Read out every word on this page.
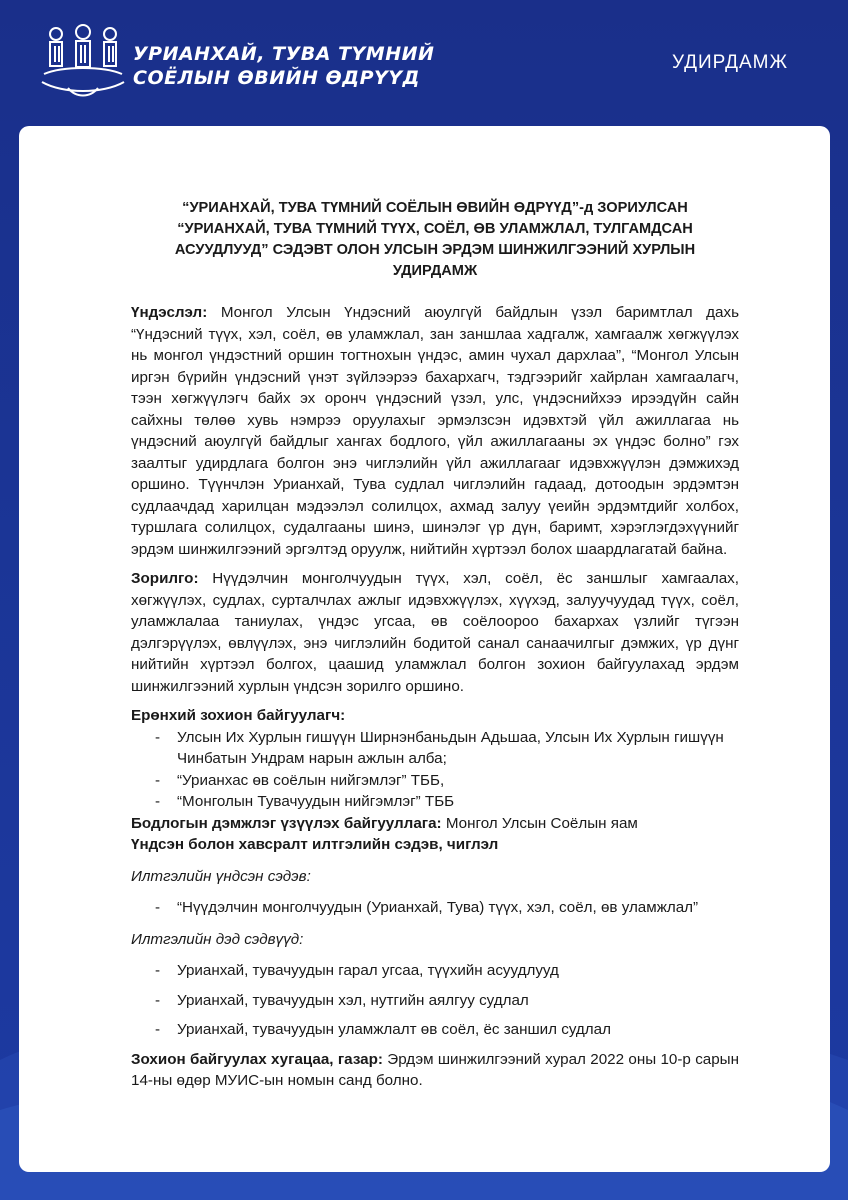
УРИАНХАЙ, ТУВА ТҮМНИЙ
СОЁЛЫН ӨВИЙН ӨДРҮҮД
УДИРДАМЖ
“УРИАНХАЙ, ТУВА ТҮМНИЙ СОЁЛЫН ӨВИЙН ӨДРҮҮД”-д ЗОРИУЛСАН
“УРИАНХАЙ, ТУВА ТҮМНИЙ ТҮҮХ, СОЁЛ, ӨВ УЛАМЖЛАЛ, ТУЛГАМДСАН
АСУУДЛУУД” СЭДЭВТ ОЛОН УЛСЫН ЭРДЭМ ШИНЖИЛГЭЭНИЙ ХУРЛЫН
УДИРДАМЖ

Үндэслэл: Монгол Улсын Үндэсний аюулгүй байдлын үзэл баримтлал дахь “Үндэсний түүх, хэл, соёл, өв уламжлал, зан заншлаа хадгалж, хамгаалж хөгжүүлэх нь монгол үндэстний оршин тогтнохын үндэс, амин чухал дархлаа”, “Монгол Улсын иргэн бүрийн үндэсний үнэт зүйлээрээ бахархагч, тэдгээрийг хайрлан хамгаалагч, тээн хөгжүүлэгч байх эх оронч үндэсний үзэл, улс, үндэснийхээ ирээдүйн сайн сайхны төлөө хувь нэмрээ оруулахыг эрмэлзсэн идэвхтэй үйл ажиллагаа нь үндэсний аюулгүй байдлыг хангах бодлого, үйл ажиллагааны эх үндэс болно” гэх заалтыг удирдлага болгон энэ чиглэлийн үйл ажиллагааг идэвхжүүлэн дэмжихэд оршино. Түүнчлэн Урианхай, Тува судлал чиглэлийн гадаад, дотоодын эрдэмтэн судлаачдад харилцан мэдээлэл солилцох, ахмад залуу үеийн эрдэмтдийг холбох, туршлага солилцох, судалгааны шинэ, шинэлэг үр дүн, баримт, хэрэглэгдэхүүнийг эрдэм шинжилгээний эргэлтэд оруулж, нийтийн хүртээл болох шаардлагатай байна.

Зорилго: Нүүдэлчин монголчуудын түүх, хэл, соёл, ёс заншлыг хамгаалах, хөгжүүлэх, судлах, сурталчлах ажлыг идэвхжүүлэх, хүүхэд, залуучуудад түүх, соёл, уламжлалаа таниулах, үндэс угсаа, өв соёлоороо бахархах үзлийг түгээн дэлгэрүүлэх, өвлүүлэх, энэ чиглэлийн бодитой санал санаачилгыг дэмжих, үр дүнг нийтийн хүртээл болгох, цаашид уламжлал болгон зохион байгуулахад эрдэм шинжилгээний хурлын үндсэн зорилго оршино.

Ерөнхий зохион байгуулагч:
- Улсын Их Хурлын гишүүн Ширнэнбаньдын Адьшаа, Улсын Их Хурлын гишүүн Чинбатын Ундрам нарын ажлын алба;
- “Урианхас өв соёлын нийгэмлэг” ТББ,
- “Монголын Тувачуудын нийгэмлэг” ТББ
Бодлогын дэмжлэг үзүүлэх байгууллага: Монгол Улсын Соёлын яам
Үндсэн болон хавсралт илтгэлийн сэдэв, чиглэл
Илтгэлийн үндсэн сэдэв:
- “Нүүдэлчин монголчуудын (Урианхай, Тува) түүх, хэл, соёл, өв уламжлал”
Илтгэлийн дэд сэдвүүд:
- Урианхай, тувачуудын гарал угсаа, түүхийн асуудлууд
- Урианхай, тувачуудын хэл, нутгийн аялгуу судлал
- Урианхай, тувачуудын уламжлалт өв соёл, ёс заншил судлал

Зохион байгуулах хугацаа, газар: Эрдэм шинжилгээний хурал 2022 оны 10-р сарын 14-ны өдөр МУИС-ын номын санд болно.
